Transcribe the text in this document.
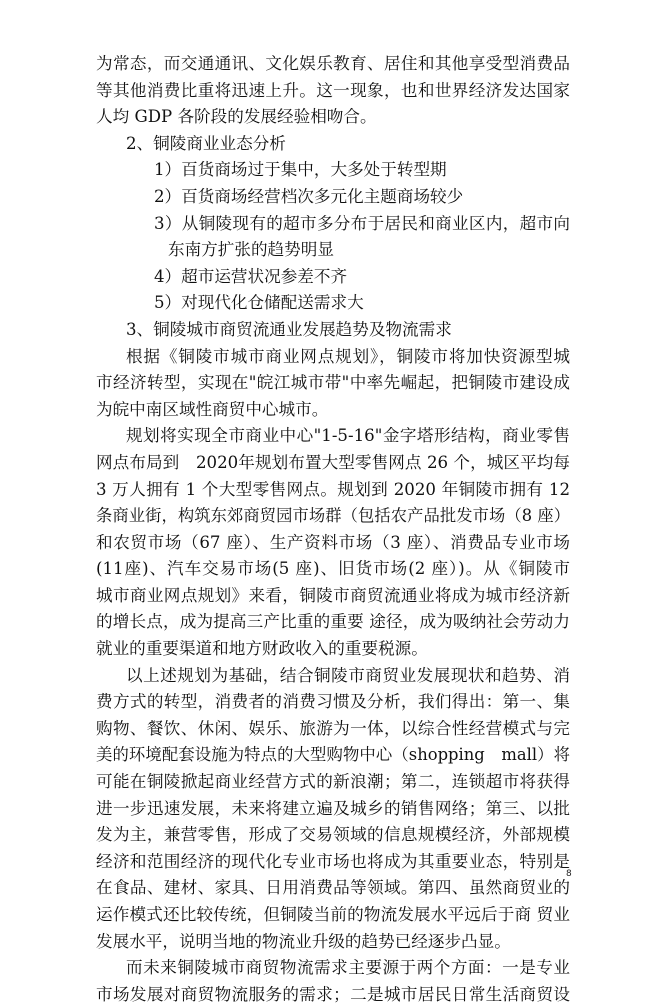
为常态，而交通通讯、文化娱乐教育、居住和其他享受型消费品
等其他消费比重将迅速上升。这一现象，也和世界经济发达国家
人均 GDP 各阶段的发展经验相吻合。
2、铜陵商业业态分析
1）百货商场过于集中，大多处于转型期
2）百货商场经营档次多元化主题商场较少
3）从铜陵现有的超市多分布于居民和商业区内，超市向
东南方扩张的趋势明显
4）超市运营状况参差不齐
5）对现代化仓储配送需求大
3、铜陵城市商贸流通业发展趋势及物流需求
根据《铜陵市城市商业网点规划》，铜陵市将加快资源型城
市经济转型，实现在"皖江城市带"中率先崛起，把铜陵市建设成
为皖中南区域性商贸中心城市。
规划将实现全市商业中心"1-5-16"金字塔形结构，商业零售
网点布局到　2020年规划布置大型零售网点 26 个，城区平均每
3 万人拥有 1 个大型零售网点。规划到 2020 年铜陵市拥有 12
条商业街，构筑东郊商贸园市场群（包括农产品批发市场（8 座）
和农贸市场（67 座）、生产资料市场（3 座）、消费品专业市场
(11座)、汽车交易市场(5 座)、旧货市场(2 座）)。从《铜陵市
城市商业网点规划》来看，铜陵市商贸流通业将成为城市经济新
的增长点，成为提高三产比重的重要 途径，成为吸纳社会劳动力
就业的重要渠道和地方财政收入的重要税源。
以上述规划为基础，结合铜陵市商贸业发展现状和趋势、消
费方式的转型，消费者的消费习惯及分析，我们得出：第一、集
购物、餐饮、休闲、娱乐、旅游为一体，以综合性经营模式与完
美的环境配套设施为特点的大型购物中心（shopping　mall）将
可能在铜陵掀起商业经营方式的新浪潮；第二，连锁超市将获得
进一步迅速发展，未来将建立遍及城乡的销售网络；第三、以批
发为主，兼营零售，形成了交易领域的信息规模经济，外部规模
经济和范围经济的现代化专业市场也将成为其重要业态，特别是
在食品、建材、家具、日用消费品等领域。第四、虽然商贸业的
运作模式还比较传统，但铜陵当前的物流发展水平远后于商 贸业
发展水平，说明当地的物流业升级的趋势已经逐步凸显。
而未来铜陵城市商贸物流需求主要源于两个方面：一是专业
市场发展对商贸物流服务的需求；二是城市居民日常生活商贸设
8
